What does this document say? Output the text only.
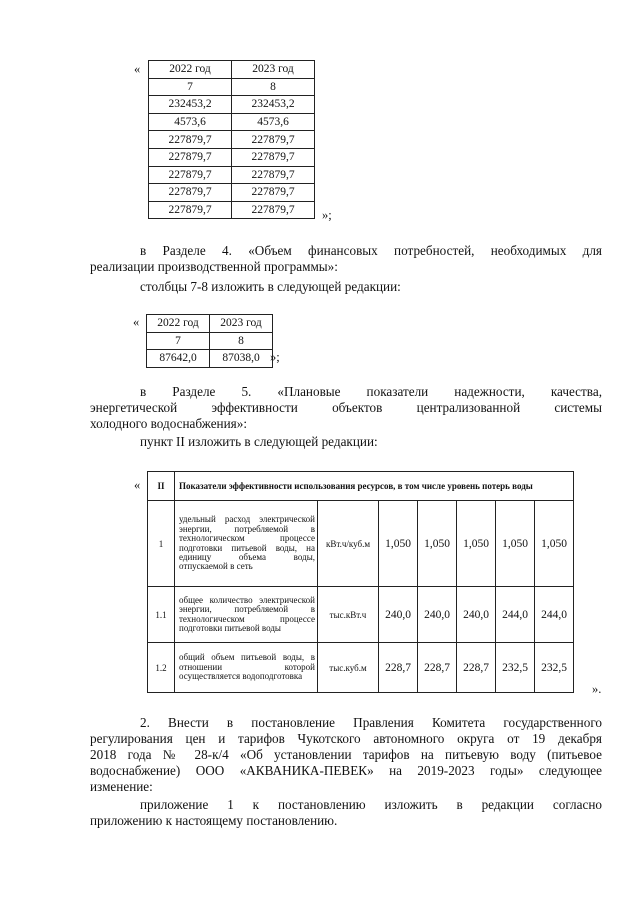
«	2022 год	2023 год
7	8
232453,2	232453,2
4573,6	4573,6
227879,7	227879,7
227879,7	227879,7
227879,7	227879,7
227879,7	227879,7
227879,7	227879,7 »;
в Разделе 4. «Объем финансовых потребностей, необходимых для
реализации производственной программы»:
столбцы 7-8 изложить в следующей редакции:
« 2022 год	2023 год
7	8
87642,0	87038,0 »;
в Разделе 5. «Плановые показатели надежности, качества,
энергетической эффективности объектов централизованной системы
холодного водоснабжения»:
пункт II изложить в следующей редакции:
« II	Показатели эффективности использования ресурсов, в том числе уровень потерь воды						
1	удельный расход электрической энергии, потребляемой в технологическом процессе подготовки питьевой воды, на единицу объема воды, отпускаемой в сеть	кВт.ч/куб.м	1,050	1,050	1,050	1,050	1,050
1.1	общее количество электрической энергии, потребляемой в технологическом процессе подготовки питьевой воды	тыс.кВт.ч	240,0	240,0	240,0	244,0	244,0
1.2	общий объем питьевой воды, в отношении которой осуществляется водоподготовка	тыс.куб.м	228,7	228,7	228,7	232,5	232,5
».
2. Внести в постановление Правления Комитета государственного
регулирования цен и тарифов Чукотского автономного округа от 19 декабря
2018 года № 28-к/4 «Об установлении тарифов на питьевую воду (питьевое
водоснабжение) ООО «АКВАНИКА-ПЕВЕК» на 2019-2023 годы» следующее
изменение:
приложение 1 к постановлению изложить в редакции согласно
приложению к настоящему постановлению.
